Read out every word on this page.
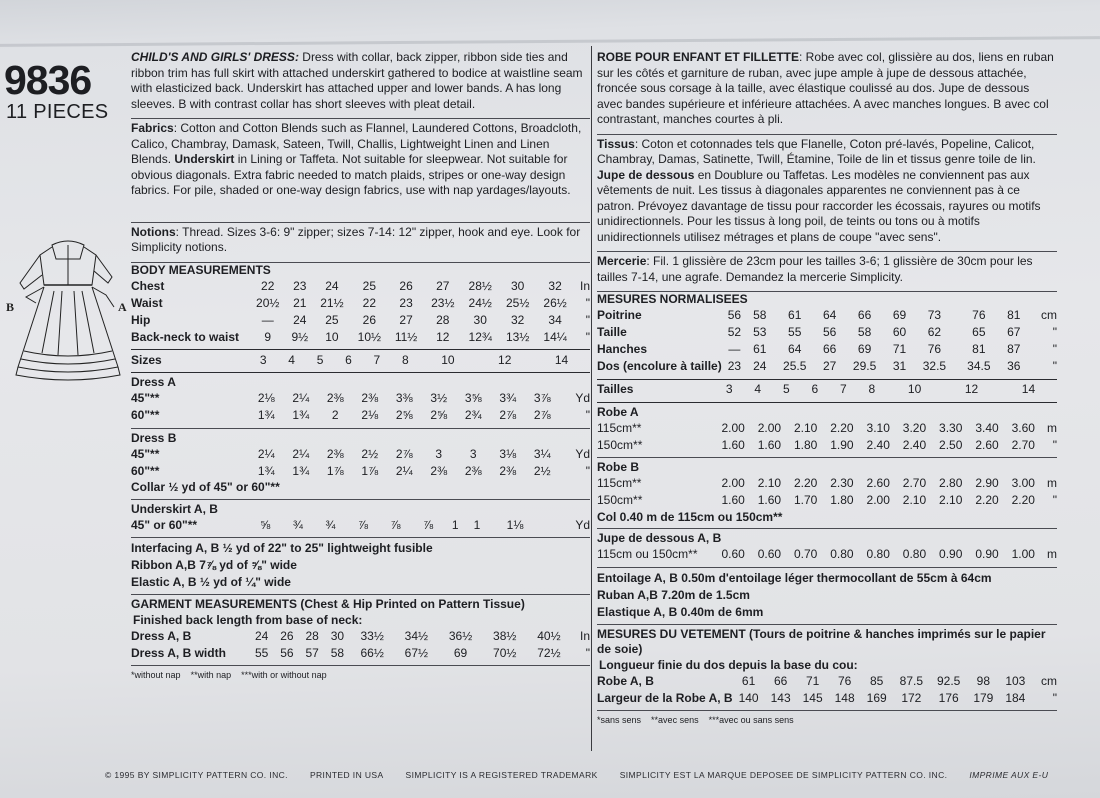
9836
11 PIECES
B	A
CHILD'S AND GIRLS' DRESS: Dress with collar, back zipper, ribbon side ties and ribbon trim has full skirt with attached underskirt gathered to bodice at waistline seam with elasticized back. Underskirt has attached upper and lower bands. A has long sleeves. B with contrast collar has short sleeves with pleat detail.
Fabrics: Cotton and Cotton Blends such as Flannel, Laundered Cottons, Broadcloth, Calico, Chambray, Damask, Sateen, Twill, Challis, Lightweight Linen and Linen Blends. Underskirt in Lining or Taffeta. Not suitable for sleepwear. Not suitable for obvious diagonals. Extra fabric needed to match plaids, stripes or one-way design fabrics. For pile, shaded or one-way design fabrics, use with nap yardages/layouts.
Notions: Thread. Sizes 3-6: 9" zipper; sizes 7-14: 12" zipper, hook and eye. Look for Simplicity notions.
BODY MEASUREMENTS
Chest	22	23	24	25	26	27	28½	30	32	In
Waist	20½	21	21½	22	23	23½	24½	25½	26½	"
Hip	—	24	25	26	27	28	30	32	34	"
Back-neck to waist	9	9½	10	10½	11½	12	12¾	13½	14¼	"
Sizes	3	4	5	6	7	8	10	12	14	
Dress A
45"**	2⅛	2¼	2⅜	2⅜	3⅜	3½	3⅝	3¾	3⅞	Yd
60"**	1¾	1¾	2	2⅛	2⅝	2⅝	2¾	2⅞	2⅞	"
Dress B
45"**	2¼	2¼	2⅜	2½	2⅞	3	3	3⅛	3¼	Yd
60"**	1¾	1¾	1⅞	1⅞	2¼	2⅜	2⅜	2⅜	2½	"
Collar ½ yd of 45" or 60"**
Underskirt A, B
45" or 60"**	⅝	¾	¾	⅞	⅞	⅞	1	1	1⅛	Yd
Interfacing A, B ½ yd of 22" to 25" lightweight fusible
Ribbon A,B 7⅞ yd of ⅝" wide
Elastic A, B ½ yd of ¼" wide
GARMENT MEASUREMENTS (Chest & Hip Printed on Pattern Tissue)
Finished back length from base of neck:
Dress A, B	24	26	28	30	33½	34½	36½	38½	40½	In
Dress A, B width	55	56	57	58	66½	67½	69	70½	72½	"
*without nap **with nap ***with or without nap
ROBE POUR ENFANT ET FILLETTE: Robe avec col, glissière au dos, liens en ruban sur les côtés et garniture de ruban, avec jupe ample à jupe de dessous attachée, froncée sous corsage à la taille, avec élastique coulissé au dos. Jupe de dessous avec bandes supérieure et inférieure attachées. A avec manches longues. B avec col contrastant, manches courtes à pli.
Tissus: Coton et cotonnades tels que Flanelle, Coton pré-lavés, Popeline, Calicot, Chambray, Damas, Satinette, Twill, Étamine, Toile de lin et tissus genre toile de lin. Jupe de dessous en Doublure ou Taffetas. Les modèles ne conviennent pas aux vêtements de nuit. Les tissus à diagonales apparentes ne conviennent pas à ce patron. Prévoyez davantage de tissu pour raccorder les écossais, rayures ou motifs unidirectionnels. Pour les tissus à long poil, de teints ou tons ou à motifs unidirectionnels utilisez métrages et plans de coupe "avec sens".
Mercerie: Fil. 1 glissière de 23cm pour les tailles 3-6; 1 glissière de 30cm pour les tailles 7-14, une agrafe. Demandez la mercerie Simplicity.
MESURES NORMALISEES
Poitrine	56	58	61	64	66	69	73	76	81	cm
Taille	52	53	55	56	58	60	62	65	67	"
Hanches	—	61	64	66	69	71	76	81	87	"
Dos (encolure à taille)	23	24	25.5	27	29.5	31	32.5	34.5	36	"
Tailles	3	4	5	6	7	8	10	12	14	
Robe A
115cm**	2.00	2.00	2.10	2.20	3.10	3.20	3.30	3.40	3.60	m
150cm**	1.60	1.60	1.80	1.90	2.40	2.40	2.50	2.60	2.70	"
Robe B
115cm**	2.00	2.10	2.20	2.30	2.60	2.70	2.80	2.90	3.00	m
150cm**	1.60	1.60	1.70	1.80	2.00	2.10	2.10	2.20	2.20	"
Col 0.40 m de 115cm ou 150cm**
Jupe de dessous A, B
115cm ou 150cm**	0.60	0.60	0.70	0.80	0.80	0.80	0.90	0.90	1.00	m
Entoilage A, B 0.50m d'entoilage léger thermocollant de 55cm à 64cm
Ruban A,B 7.20m de 1.5cm
Elastique A, B 0.40m de 6mm
MESURES DU VETEMENT (Tours de poitrine & hanches imprimés sur le papier de soie)
Longueur finie du dos depuis la base du cou:
Robe A, B	61	66	71	76	85	87.5	92.5	98	103	cm
Largeur de la Robe A, B	140	143	145	148	169	172	176	179	184	"
*sans sens **avec sens ***avec ou sans sens
© 1995 BY SIMPLICITY PATTERN CO. INC.	PRINTED IN USA	SIMPLICITY IS A REGISTERED TRADEMARK	SIMPLICITY EST LA MARQUE DEPOSEE DE SIMPLICITY PATTERN CO. INC.	IMPRIME AUX E-U
